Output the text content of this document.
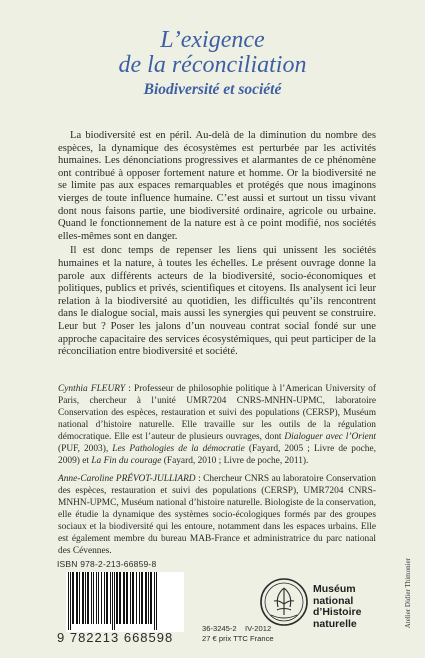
L’exigence
de la réconciliation
Biodiversité et société

La biodiversité est en péril. Au-delà de la diminution du nombre des espèces, la dynamique des écosystèmes est perturbée par les activités humaines. Les dénonciations progressives et alarmantes de ce phénomène ont contribué à opposer fortement nature et homme. Or la biodiversité ne se limite pas aux espaces remarquables et protégés que nous imaginons vierges de toute influence humaine. C’est aussi et surtout un tissu vivant dont nous faisons partie, une biodiversité ordinaire, agricole ou urbaine. Quand le fonctionnement de la nature est à ce point modifié, nos sociétés elles-mêmes sont en danger.

Il est donc temps de repenser les liens qui unissent les sociétés humaines et la nature, à toutes les échelles. Le présent ouvrage donne la parole aux différents acteurs de la biodiversité, socio-économiques et politiques, publics et privés, scientifiques et citoyens. Ils analysent ici leur relation à la biodiversité au quotidien, les difficultés qu’ils rencontrent dans le dialogue social, mais aussi les synergies qui peuvent se construire. Leur but ? Poser les jalons d’un nouveau contrat social fondé sur une approche capacitaire des services écosystémiques, qui peut participer de la réconciliation entre biodiversité et société.

Cynthia FLEURY : Professeur de philosophie politique à l’American University of Paris, chercheur à l’unité UMR7204 CNRS-MNHN-UPMC, laboratoire Conservation des espèces, restauration et suivi des populations (CERSP), Muséum national d’histoire naturelle. Elle travaille sur les outils de la régulation démocratique. Elle est l’auteur de plusieurs ouvrages, dont Dialoguer avec l’Orient (PUF, 2003), Les Pathologies de la démocratie (Fayard, 2005 ; Livre de poche, 2009) et La Fin du courage (Fayard, 2010 ; Livre de poche, 2011).

Anne-Caroline PRÉVOT-JULLIARD : Chercheur CNRS au laboratoire Conservation des espèces, restauration et suivi des populations (CERSP), UMR7204 CNRS-MNHN-UPMC, Muséum national d’histoire naturelle. Biologiste de la conservation, elle étudie la dynamique des systèmes socio-écologiques formés par des groupes sociaux et la biodiversité qui les entoure, notamment dans les espaces urbains. Elle est également membre du bureau MAB-France et administratrice du parc national des Cévennes.

ISBN 978-2-213-66859-8
9 782213 668598
36-3245-2 IV-2012
27 € prix TTC France
Muséum
national
d’Histoire
naturelle	Atelier Didier Thimonier
